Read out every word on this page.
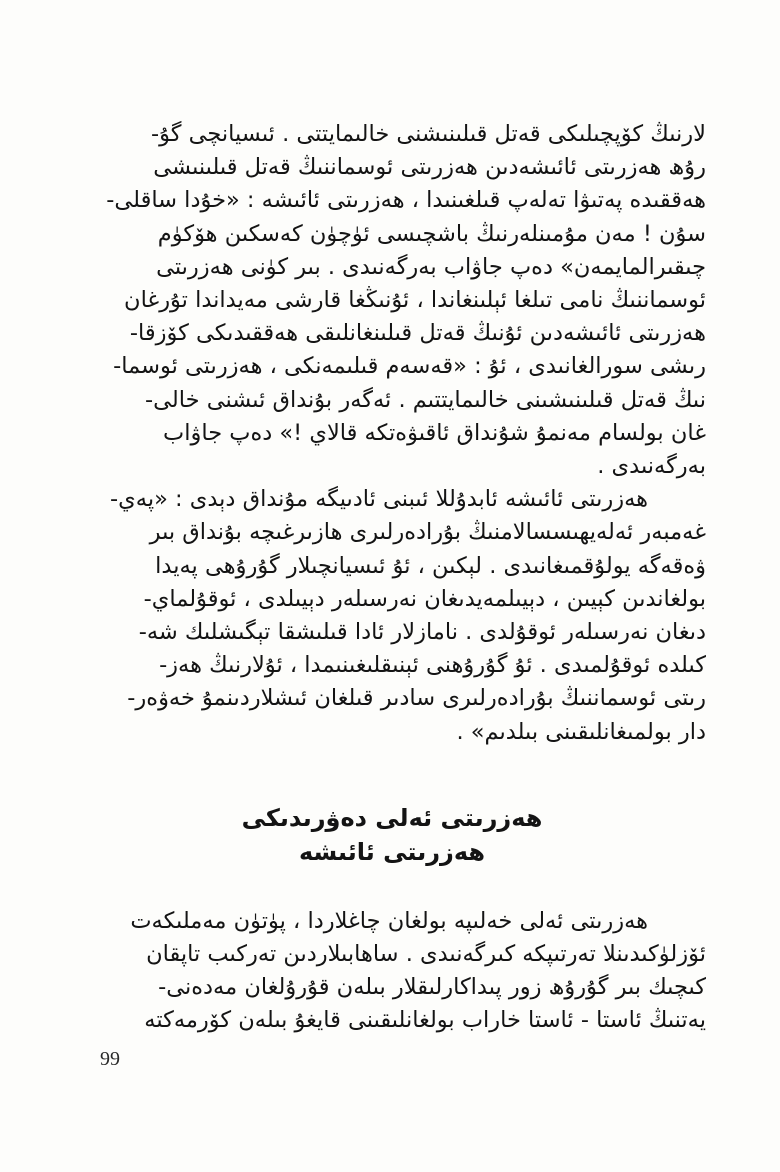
لارنىڭ كۆپچىلىكى قەتل قىلىنىشنى خالىمايتتى . ئىسيانچى گۇ-
رۇھ ھەزرىتى ئائىشەدىن ھەزرىتى ئوسماننىڭ قەتل قىلىنىشى
ھەققىدە پەتىۋا تەلەپ قىلغىنىدا ، ھەزرىتى ئائىشە : «خۇدا ساقلى-
سۇن ! مەن مۇمىنلەرنىڭ باشچىسى ئۈچۈن كەسكىن ھۆكۈم
چىقىرالمايمەن» دەپ جاۋاب بەرگەنىدى . بىر كۈنى ھەزرىتى
ئوسماننىڭ نامى تىلغا ئېلىنغاندا ، ئۇنىڭغا قارشى مەيداندا تۇرغان
ھەزرىتى ئائىشەدىن ئۇنىڭ قەتل قىلىنغانلىقى ھەققىدىكى كۆزقا-
رىشى سورالغانىدى ، ئۇ : «قەسەم قىلىمەنكى ، ھەزرىتى ئوسما-
نىڭ قەتل قىلىنىشىنى خالىمايتتىم . ئەگەر بۇنداق ئىشنى خالى-
غان بولسام مەنمۇ شۇنداق ئاقىۋەتكە قالاي !» دەپ جاۋاب
بەرگەنىدى .

ھەزرىتى ئائىشە ئابدۇللا ئىبنى ئادىيگە مۇنداق دېدى : «پەي-
غەمبەر ئەلەيھىسسالامنىڭ بۇرادەرلىرى ھازىرغىچە بۇنداق بىر
ۋەقەگە يولۇقمىغانىدى . لېكىن ، ئۇ ئىسيانچىلار گۇرۇھى پەيدا
بولغاندىن كېيىن ، دېيىلمەيدىغان نەرسىلەر دېيىلدى ، ئوقۇلماي-
دىغان نەرسىلەر ئوقۇلدى . نامازلار ئادا قىلىشقا تېگىشلىك شە-
كىلدە ئوقۇلمىدى . ئۇ گۇرۇھنى ئېنىقلىغىنىمدا ، ئۇلارنىڭ ھەز-
رىتى ئوسماننىڭ بۇرادەرلىرى سادىر قىلغان ئىشلاردىنمۇ خەۋەر-
دار بولمىغانلىقىنى بىلدىم» .

ھەزرىتى ئەلى دەۋرىدىكى
ھەزرىتى ئائىشە

ھەزرىتى ئەلى خەلىپە بولغان چاغلاردا ، پۈتۈن مەملىكەت
ئۆزلۈكىدىنلا تەرتىپكە كىرگەنىدى . ساھابىلاردىن تەركىب تاپقان
كىچىك بىر گۇرۇھ زور پىداكارلىقلار بىلەن قۇرۇلغان مەدەنى-
يەتنىڭ ئاستا - ئاستا خاراب بولغانلىقىنى قايغۇ بىلەن كۆرمەكتە

99
